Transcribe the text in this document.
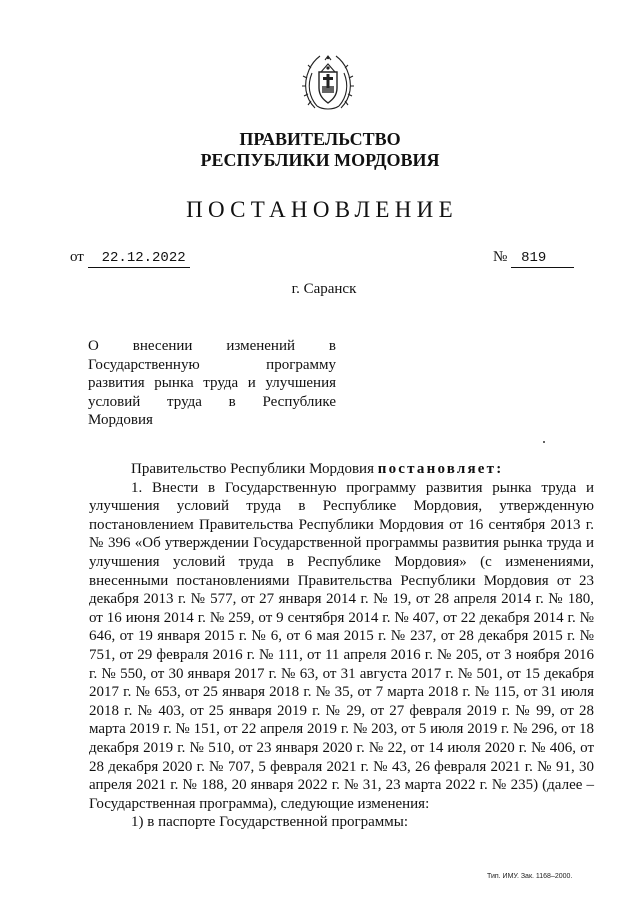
ПРАВИТЕЛЬСТВО
РЕСПУБЛИКИ МОРДОВИЯ
ПОСТАНОВЛЕНИЕ
от 22.12.2022	№ 819
г. Саранск
О внесении изменений в
Государственную программу
развития рынка труда и улучшения
условий труда в Республике
Мордовия

Правительство Республики Мордовия постановляет:

1. Внести в Государственную программу развития рынка труда и улучшения условий труда в Республике Мордовия, утвержденную постановлением Правительства Республики Мордовия от 16 сентября 2013 г. № 396 «Об утверждении Государственной программы развития рынка труда и улучшения условий труда в Республике Мордовия» (с изменениями, внесенными постановлениями Правительства Республики Мордовия от 23 декабря 2013 г. № 577, от 27 января 2014 г. № 19, от 28 апреля 2014 г. № 180, от 16 июня 2014 г. № 259, от 9 сентября 2014 г. № 407, от 22 декабря 2014 г. № 646, от 19 января 2015 г. № 6, от 6 мая 2015 г. № 237, от 28 декабря 2015 г. № 751, от 29 февраля 2016 г. № 111, от 11 апреля 2016 г. № 205, от 3 ноября 2016 г. № 550, от 30 января 2017 г. № 63, от 31 августа 2017 г. № 501, от 15 декабря 2017 г. № 653, от 25 января 2018 г. № 35, от 7 марта 2018 г. № 115, от 31 июля 2018 г. № 403, от 25 января 2019 г. № 29, от 27 февраля 2019 г. № 99, от 28 марта 2019 г. № 151, от 22 апреля 2019 г. № 203, от 5 июля 2019 г. № 296, от 18 декабря 2019 г. № 510, от 23 января 2020 г. № 22, от 14 июля 2020 г. № 406, от 28 декабря 2020 г. № 707, 5 февраля 2021 г. № 43, 26 февраля 2021 г. № 91, 30 апреля 2021 г. № 188, 20 января 2022 г. № 31, 23 марта 2022 г. № 235) (далее – Государственная программа), следующие изменения:

1) в паспорте Государственной программы:

Тип. ИМУ. Зак. 1168–2000.
